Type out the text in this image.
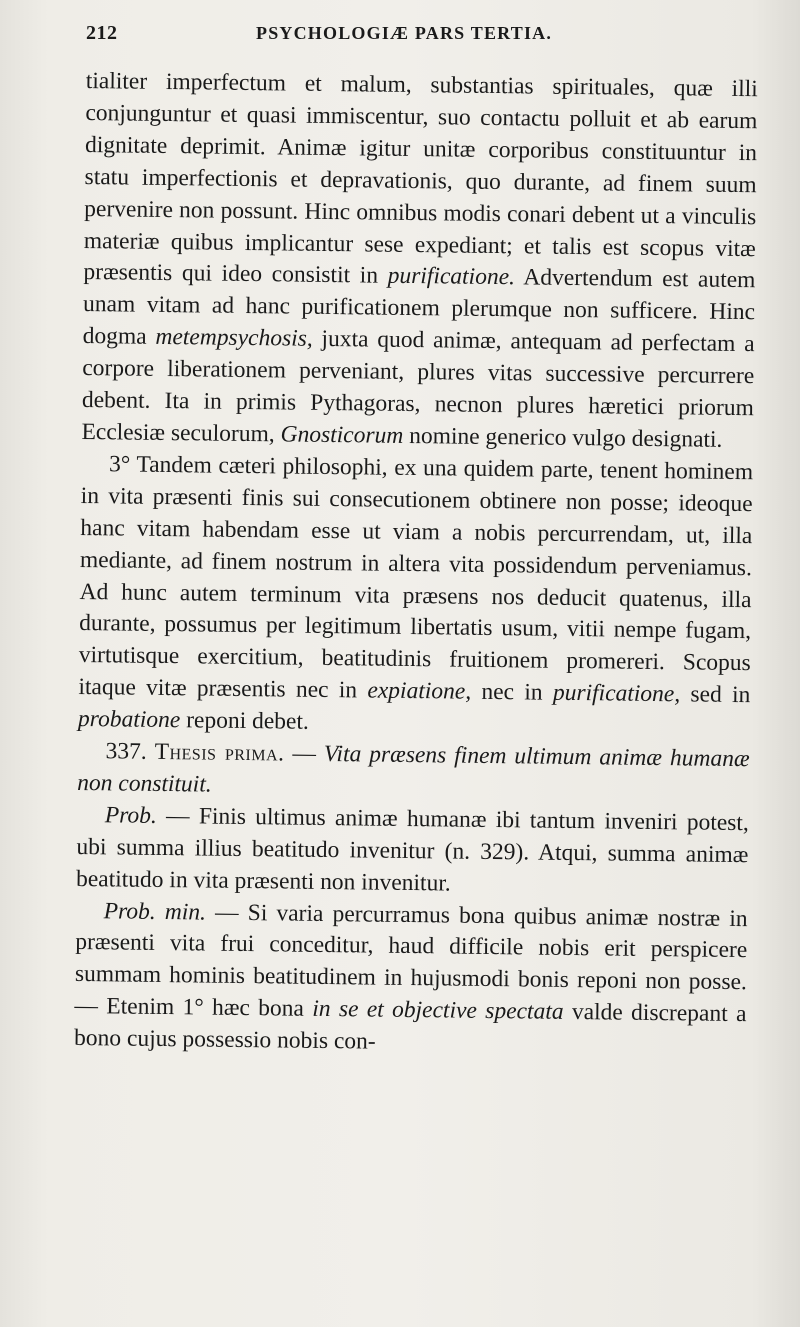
212	PSYCHOLOGIÆ PARS TERTIA.

tialiter imperfectum et malum, substantias spirituales, quæ illi conjunguntur et quasi immiscentur, suo contactu polluit et ab earum dignitate deprimit. Animæ igitur unitæ corporibus constituuntur in statu imperfectionis et depravationis, quo durante, ad finem suum pervenire non possunt. Hinc omnibus modis conari debent ut a vinculis materiæ quibus implicantur sese expediant; et talis est scopus vitæ præsentis qui ideo consistit in purificatione. Advertendum est autem unam vitam ad hanc purificationem plerumque non sufficere. Hinc dogma metempsychosis, juxta quod animæ, antequam ad perfectam a corpore liberationem perveniant, plures vitas successive percurrere debent. Ita in primis Pythagoras, necnon plures hæretici priorum Ecclesiæ seculorum, Gnosticorum nomine generico vulgo designati.

3° Tandem cæteri philosophi, ex una quidem parte, tenent hominem in vita præsenti finis sui consecutionem obtinere non posse; ideoque hanc vitam habendam esse ut viam a nobis percurrendam, ut, illa mediante, ad finem nostrum in altera vita possidendum perveniamus. Ad hunc autem terminum vita præsens nos deducit quatenus, illa durante, possumus per legitimum libertatis usum, vitii nempe fugam, virtutisque exercitium, beatitudinis fruitionem promereri. Scopus itaque vitæ præsentis nec in expiatione, nec in purificatione, sed in probatione reponi debet.

337. Thesis prima. — Vita præsens finem ultimum animæ humanæ non constituit.

Prob. — Finis ultimus animæ humanæ ibi tantum inveniri potest, ubi summa illius beatitudo invenitur (n. 329). Atqui, summa animæ beatitudo in vita præsenti non invenitur.

Prob. min. — Si varia percurramus bona quibus animæ nostræ in præsenti vita frui conceditur, haud difficile nobis erit perspicere summam hominis beatitudinem in hujusmodi bonis reponi non posse. — Etenim 1° hæc bona in se et objective spectata valde discrepant a bono cujus possessio nobis con-
